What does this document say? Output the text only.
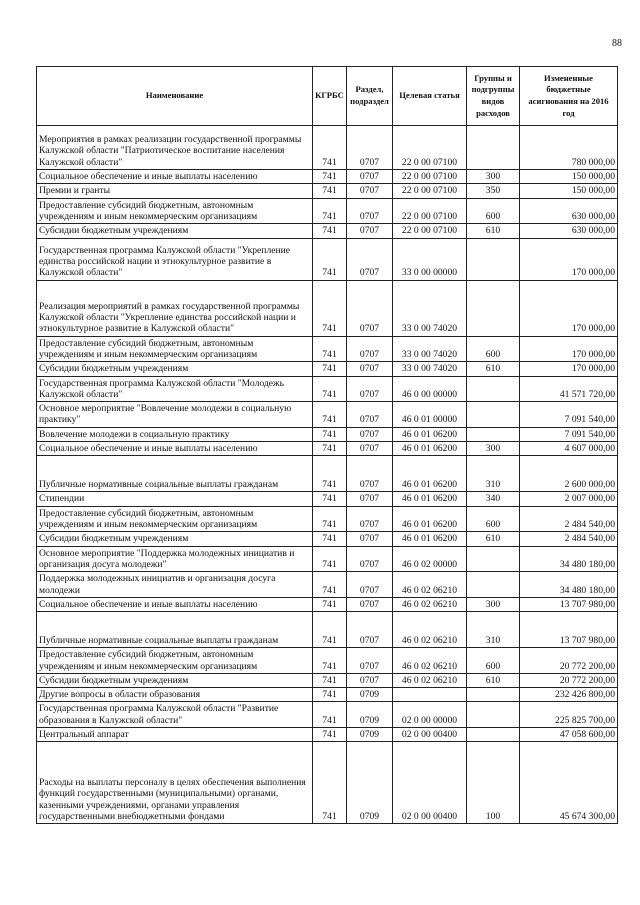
88
Наименование	КГРБС	Раздел, подраздел	Целевая статья	Группы и подгруппы видов расходов	Измененные бюджетные асигнования на 2016 год
Мероприятия в рамках реализации государственной программы Калужской области "Патриотическое воспитание населения Калужской области"	741	0707	22 0 00 07100		780 000,00
Социальное обеспечение и иные выплаты населению	741	0707	22 0 00 07100	300	150 000,00
Премии и гранты	741	0707	22 0 00 07100	350	150 000,00
Предоставление субсидий бюджетным, автономным учреждениям и иным некоммерческим организациям	741	0707	22 0 00 07100	600	630 000,00
Субсидии бюджетным учреждениям	741	0707	22 0 00 07100	610	630 000,00
Государственная программа Калужской области "Укрепление единства российской нации и этнокультурное развитие в Калужской области"	741	0707	33 0 00 00000		170 000,00
Реализация мероприятий в рамках государственной программы Калужской области "Укрепление единства российской нации и этнокультурное развитие в Калужской области"	741	0707	33 0 00 74020		170 000,00
Предоставление субсидий бюджетным, автономным учреждениям и иным некоммерческим организациям	741	0707	33 0 00 74020	600	170 000,00
Субсидии бюджетным учреждениям	741	0707	33 0 00 74020	610	170 000,00
Государственная программа Калужской области "Молодежь Калужской области"	741	0707	46 0 00 00000		41 571 720,00
Основное мероприятие "Вовлечение молодежи в социальную практику"	741	0707	46 0 01 00000		7 091 540,00
Вовлечение молодежи в социальную практику	741	0707	46 0 01 06200		7 091 540,00
Социальное обеспечение и иные выплаты населению	741	0707	46 0 01 06200	300	4 607 000,00
Публичные нормативные социальные выплаты гражданам	741	0707	46 0 01 06200	310	2 600 000,00
Стипендии	741	0707	46 0 01 06200	340	2 007 000,00
Предоставление субсидий бюджетным, автономным учреждениям и иным некоммерческим организациям	741	0707	46 0 01 06200	600	2 484 540,00
Субсидии бюджетным учреждениям	741	0707	46 0 01 06200	610	2 484 540,00
Основное мероприятие "Поддержка молодежных инициатив и организация досуга молодежи"	741	0707	46 0 02 00000		34 480 180,00
Поддержка молодежных инициатив и организация досуга молодежи	741	0707	46 0 02 06210		34 480 180,00
Социальное обеспечение и иные выплаты населению	741	0707	46 0 02 06210	300	13 707 980,00
Публичные нормативные социальные выплаты гражданам	741	0707	46 0 02 06210	310	13 707 980,00
Предоставление субсидий бюджетным, автономным учреждениям и иным некоммерческим организациям	741	0707	46 0 02 06210	600	20 772 200,00
Субсидии бюджетным учреждениям	741	0707	46 0 02 06210	610	20 772 200,00
Другие вопросы в области образования	741	0709			232 426 800,00
Государственная программа Калужской области "Развитие образования в Калужской области"	741	0709	02 0 00 00000		225 825 700,00
Центральный аппарат	741	0709	02 0 00 00400		47 058 600,00
Расходы на выплаты персоналу в целях обеспечения выполнения функций государственными (муниципальными) органами, казенными учреждениями, органами управления государственными внебюджетными фондами	741	0709	02 0 00 00400	100	45 674 300,00
